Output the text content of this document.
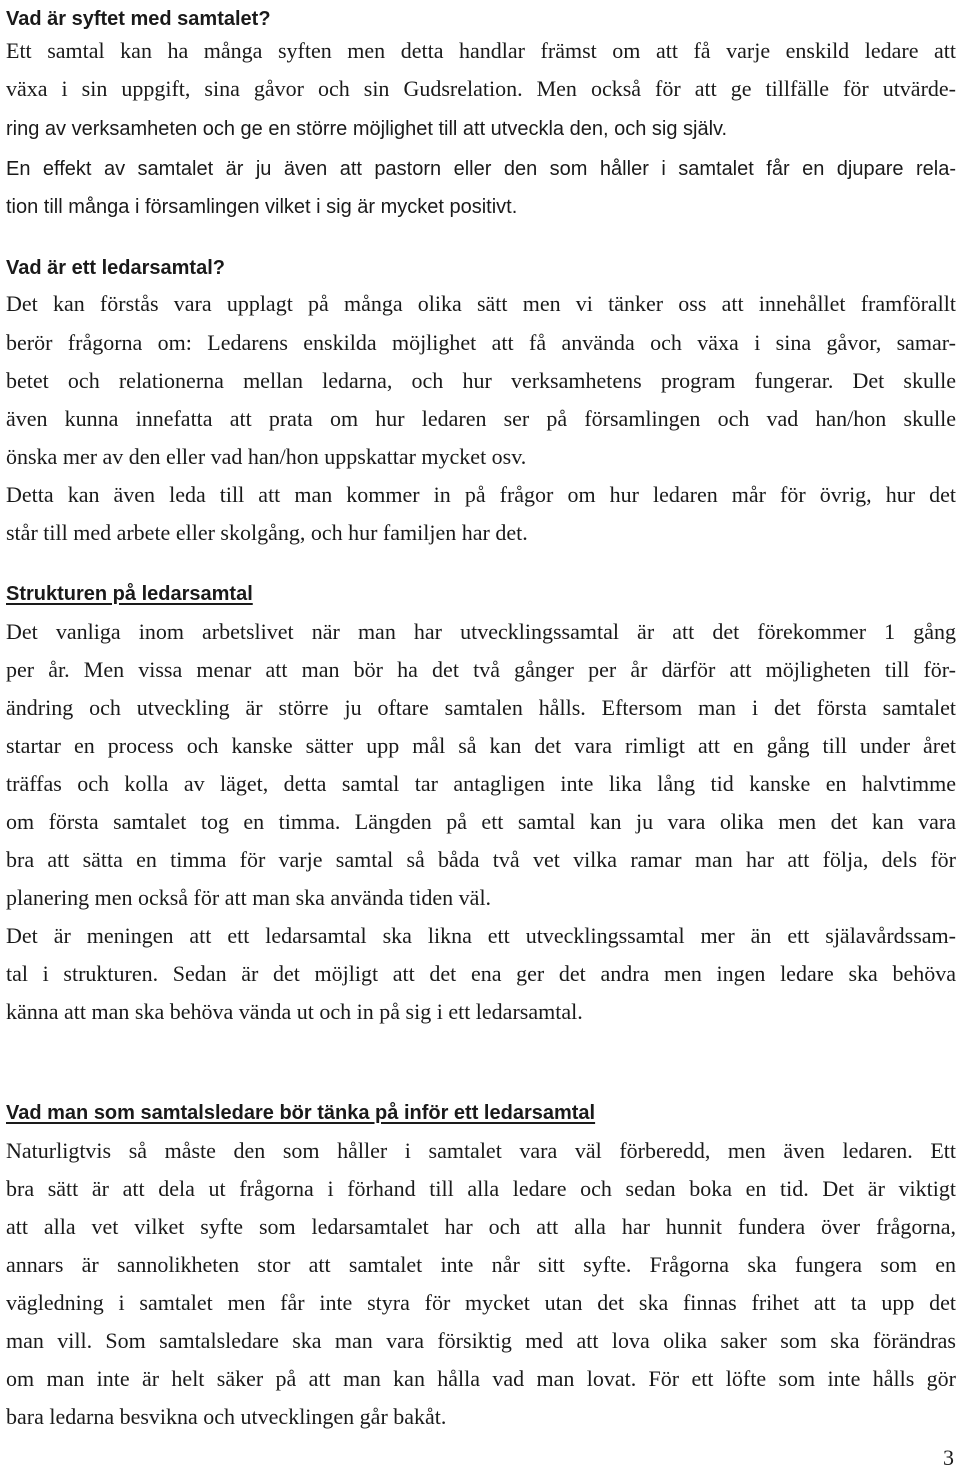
Vad är syftet med samtalet?
Ett samtal kan ha många syften men detta handlar främst om att få varje enskild ledare att
växa i sin uppgift, sina gåvor och sin Gudsrelation. Men också för att ge tillfälle för utvärde-
ring av verksamheten och ge en större möjlighet till att utveckla den, och sig själv.
En effekt av samtalet är ju även att pastorn eller den som håller i samtalet får en djupare rela-
tion till många i församlingen vilket i sig är mycket positivt.
Vad är ett ledarsamtal?
Det kan förstås vara upplagt på många olika sätt men vi tänker oss att innehållet framförallt
berör frågorna om: Ledarens enskilda möjlighet att få använda och växa i sina gåvor, samar-
betet och relationerna mellan ledarna, och hur verksamhetens program fungerar. Det skulle
även kunna innefatta att prata om hur ledaren ser på församlingen och vad han/hon skulle
önska mer av den eller vad han/hon uppskattar mycket osv.
Detta kan även leda till att man kommer in på frågor om hur ledaren mår för övrig, hur det
står till med arbete eller skolgång, och hur familjen har det.
Strukturen på ledarsamtal
Det vanliga inom arbetslivet när man har utvecklingssamtal är att det förekommer 1 gång
per år. Men vissa menar att man bör ha det två gånger per år därför att möjligheten till för-
ändring och utveckling är större ju oftare samtalen hålls. Eftersom man i det första samtalet
startar en process och kanske sätter upp mål så kan det vara rimligt att en gång till under året
träffas och kolla av läget, detta samtal tar antagligen inte lika lång tid kanske en halvtimme
om första samtalet tog en timma. Längden på ett samtal kan ju vara olika men det kan vara
bra att sätta en timma för varje samtal så båda två vet vilka ramar man har att följa, dels för
planering men också för att man ska använda tiden väl.
Det är meningen att ett ledarsamtal ska likna ett utvecklingssamtal mer än ett själavårdssam-
tal i strukturen. Sedan är det möjligt att det ena ger det andra men ingen ledare ska behöva
känna att man ska behöva vända ut och in på sig i ett ledarsamtal.
Vad man som samtalsledare bör tänka på inför ett ledarsamtal
Naturligtvis så måste den som håller i samtalet vara väl förberedd, men även ledaren. Ett
bra sätt är att dela ut frågorna i förhand till alla ledare och sedan boka en tid. Det är viktigt
att alla vet vilket syfte som ledarsamtalet har och att alla har hunnit fundera över frågorna,
annars är sannolikheten stor att samtalet inte når sitt syfte. Frågorna ska fungera som en
vägledning i samtalet men får inte styra för mycket utan det ska finnas frihet att ta upp det
man vill. Som samtalsledare ska man vara försiktig med att lova olika saker som ska förändras
om man inte är helt säker på att man kan hålla vad man lovat. För ett löfte som inte hålls gör
bara ledarna besvikna och utvecklingen går bakåt.
3
